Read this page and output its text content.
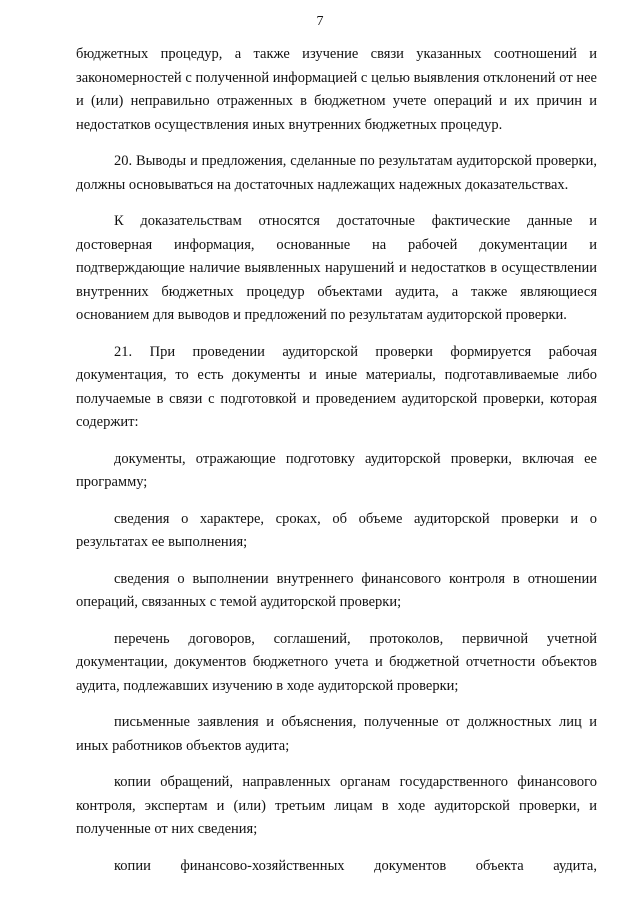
7

бюджетных процедур, а также изучение связи указанных соотношений и закономерностей с полученной информацией с целью выявления отклонений от нее и (или) неправильно отраженных в бюджетном учете операций и их причин и недостатков осуществления иных внутренних бюджетных процедур.

20. Выводы и предложения, сделанные по результатам аудиторской проверки, должны основываться на достаточных надлежащих надежных доказательствах.

К доказательствам относятся достаточные фактические данные и достоверная информация, основанные на рабочей документации и подтверждающие наличие выявленных нарушений и недостатков в осуществлении внутренних бюджетных процедур объектами аудита, а также являющиеся основанием для выводов и предложений по результатам аудиторской проверки.

21. При проведении аудиторской проверки формируется рабочая документация, то есть документы и иные материалы, подготавливаемые либо получаемые в связи с подготовкой и проведением аудиторской проверки, которая содержит:

документы, отражающие подготовку аудиторской проверки, включая ее программу;

сведения о характере, сроках, об объеме аудиторской проверки и о результатах ее выполнения;

сведения о выполнении внутреннего финансового контроля в отношении операций, связанных с темой аудиторской проверки;

перечень договоров, соглашений, протоколов, первичной учетной документации, документов бюджетного учета и бюджетной отчетности объектов аудита, подлежавших изучению в ходе аудиторской проверки;

письменные заявления и объяснения, полученные от должностных лиц и иных работников объектов аудита;

копии обращений, направленных органам государственного финансового контроля, экспертам и (или) третьим лицам в ходе аудиторской проверки, и полученные от них сведения;

копии финансово-хозяйственных документов объекта аудита,
